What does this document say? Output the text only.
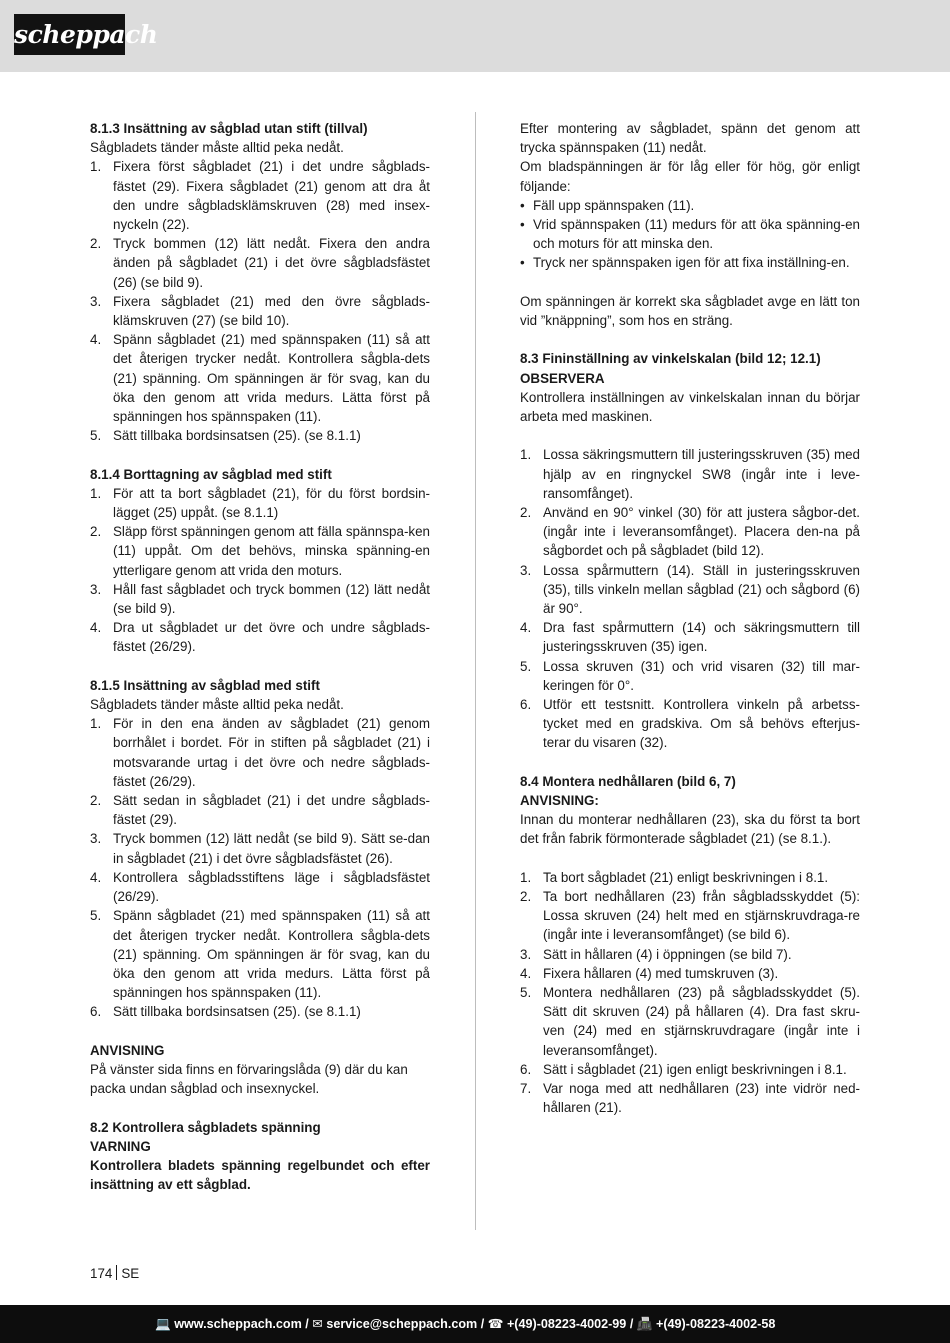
scheppach
8.1.3 Insättning av sågblad utan stift (tillval)

Sågbladets tänder måste alltid peka nedåt.

1. Fixera först sågbladet (21) i det undre sågblads-fästet (29). Fixera sågbladet (21) genom att dra åt den undre sågbladsklämskruven (28) med insex-nyckeln (22).
2. Tryck bommen (12) lätt nedåt. Fixera den andra änden på sågbladet (21) i det övre sågbladsfästet (26) (se bild 9).
3. Fixera sågbladet (21) med den övre sågblads-klämskruven (27) (se bild 10).
4. Spänn sågbladet (21) med spännspaken (11) så att det återigen trycker nedåt. Kontrollera sågbla-dets (21) spänning. Om spänningen är för svag, kan du öka den genom att vrida medurs. Lätta först på spänningen hos spännspaken (11).
5. Sätt tillbaka bordsinsatsen (25). (se 8.1.1)
8.1.4 Borttagning av sågblad med stift
1. För att ta bort sågbladet (21), för du först bordsin-lägget (25) uppåt. (se 8.1.1)
2. Släpp först spänningen genom att fälla spännspa-ken (11) uppåt. Om det behövs, minska spänning-en ytterligare genom att vrida den moturs.
3. Håll fast sågbladet och tryck bommen (12) lätt nedåt (se bild 9).
4. Dra ut sågbladet ur det övre och undre sågblads-fästet (26/29).
8.1.5 Insättning av sågblad med stift

Sågbladets tänder måste alltid peka nedåt.

1. För in den ena änden av sågbladet (21) genom borrhålet i bordet. För in stiften på sågbladet (21) i motsvarande urtag i det övre och nedre sågblads-fästet (26/29).
2. Sätt sedan in sågbladet (21) i det undre sågblads-fästet (29).
3. Tryck bommen (12) lätt nedåt (se bild 9). Sätt se-dan in sågbladet (21) i det övre sågbladsfästet (26).
4. Kontrollera sågbladsstiftens läge i sågbladsfästet (26/29).
5. Spänn sågbladet (21) med spännspaken (11) så att det återigen trycker nedåt. Kontrollera sågbla-dets (21) spänning. Om spänningen är för svag, kan du öka den genom att vrida medurs. Lätta först på spänningen hos spännspaken (11).
6. Sätt tillbaka bordsinsatsen (25). (se 8.1.1)
ANVISNING

På vänster sida finns en förvaringslåda (9) där du kan packa undan sågblad och insexnyckel.

8.2 Kontrollera sågbladets spänning

VARNING

Kontrollera bladets spänning regelbundet och efter insättning av ett sågblad.

Efter montering av sågbladet, spänn det genom att trycka spännspaken (11) nedåt.

Om bladspänningen är för låg eller för hög, gör enligt följande:

• Fäll upp spännspaken (11).
• Vrid spännspaken (11) medurs för att öka spänning-en och moturs för att minska den.
• Tryck ner spännspaken igen för att fixa inställning-en.

Om spänningen är korrekt ska sågbladet avge en lätt ton vid ”knäppning”, som hos en sträng.

8.3 Fininställning av vinkelskalan (bild 12; 12.1)

OBSERVERA

Kontrollera inställningen av vinkelskalan innan du börjar arbeta med maskinen.

1. Lossa säkringsmuttern till justeringsskruven (35) med hjälp av en ringnyckel SW8 (ingår inte i leve-ransomfånget).
2. Använd en 90° vinkel (30) för att justera sågbor-det. (ingår inte i leveransomfånget). Placera den-na på sågbordet och på sågbladet (bild 12).
3. Lossa spårmuttern (14). Ställ in justeringsskruven (35), tills vinkeln mellan sågblad (21) och sågbord (6) är 90°.
4. Dra fast spårmuttern (14) och säkringsmuttern till justeringsskruven (35) igen.
5. Lossa skruven (31) och vrid visaren (32) till mar-keringen för 0°.
6. Utför ett testsnitt. Kontrollera vinkeln på arbetss-tycket med en gradskiva. Om så behövs efterjus-terar du visaren (32).
8.4 Montera nedhållaren (bild 6, 7)

ANVISNING:

Innan du monterar nedhållaren (23), ska du först ta bort det från fabrik förmonterade sågbladet (21) (se 8.1.).

1. Ta bort sågbladet (21) enligt beskrivningen i 8.1.
2. Ta bort nedhållaren (23) från sågbladsskyddet (5): Lossa skruven (24) helt med en stjärnskruvdraga-re (ingår inte i leveransomfånget) (se bild 6).
3. Sätt in hållaren (4) i öppningen (se bild 7).
4. Fixera hållaren (4) med tumskruven (3).
5. Montera nedhållaren (23) på sågbladsskyddet (5). Sätt dit skruven (24) på hållaren (4). Dra fast skru-ven (24) med en stjärnskruvdragare (ingår inte i leveransomfånget).
6. Sätt i sågbladet (21) igen enligt beskrivningen i 8.1.
7. Var noga med att nedhållaren (23) inte vidrör ned-hållaren (21).
174 SE
💻 www.scheppach.com / ✉ service@scheppach.com / ☎ +(49)-08223-4002-99 / 📠 +(49)-08223-4002-58
